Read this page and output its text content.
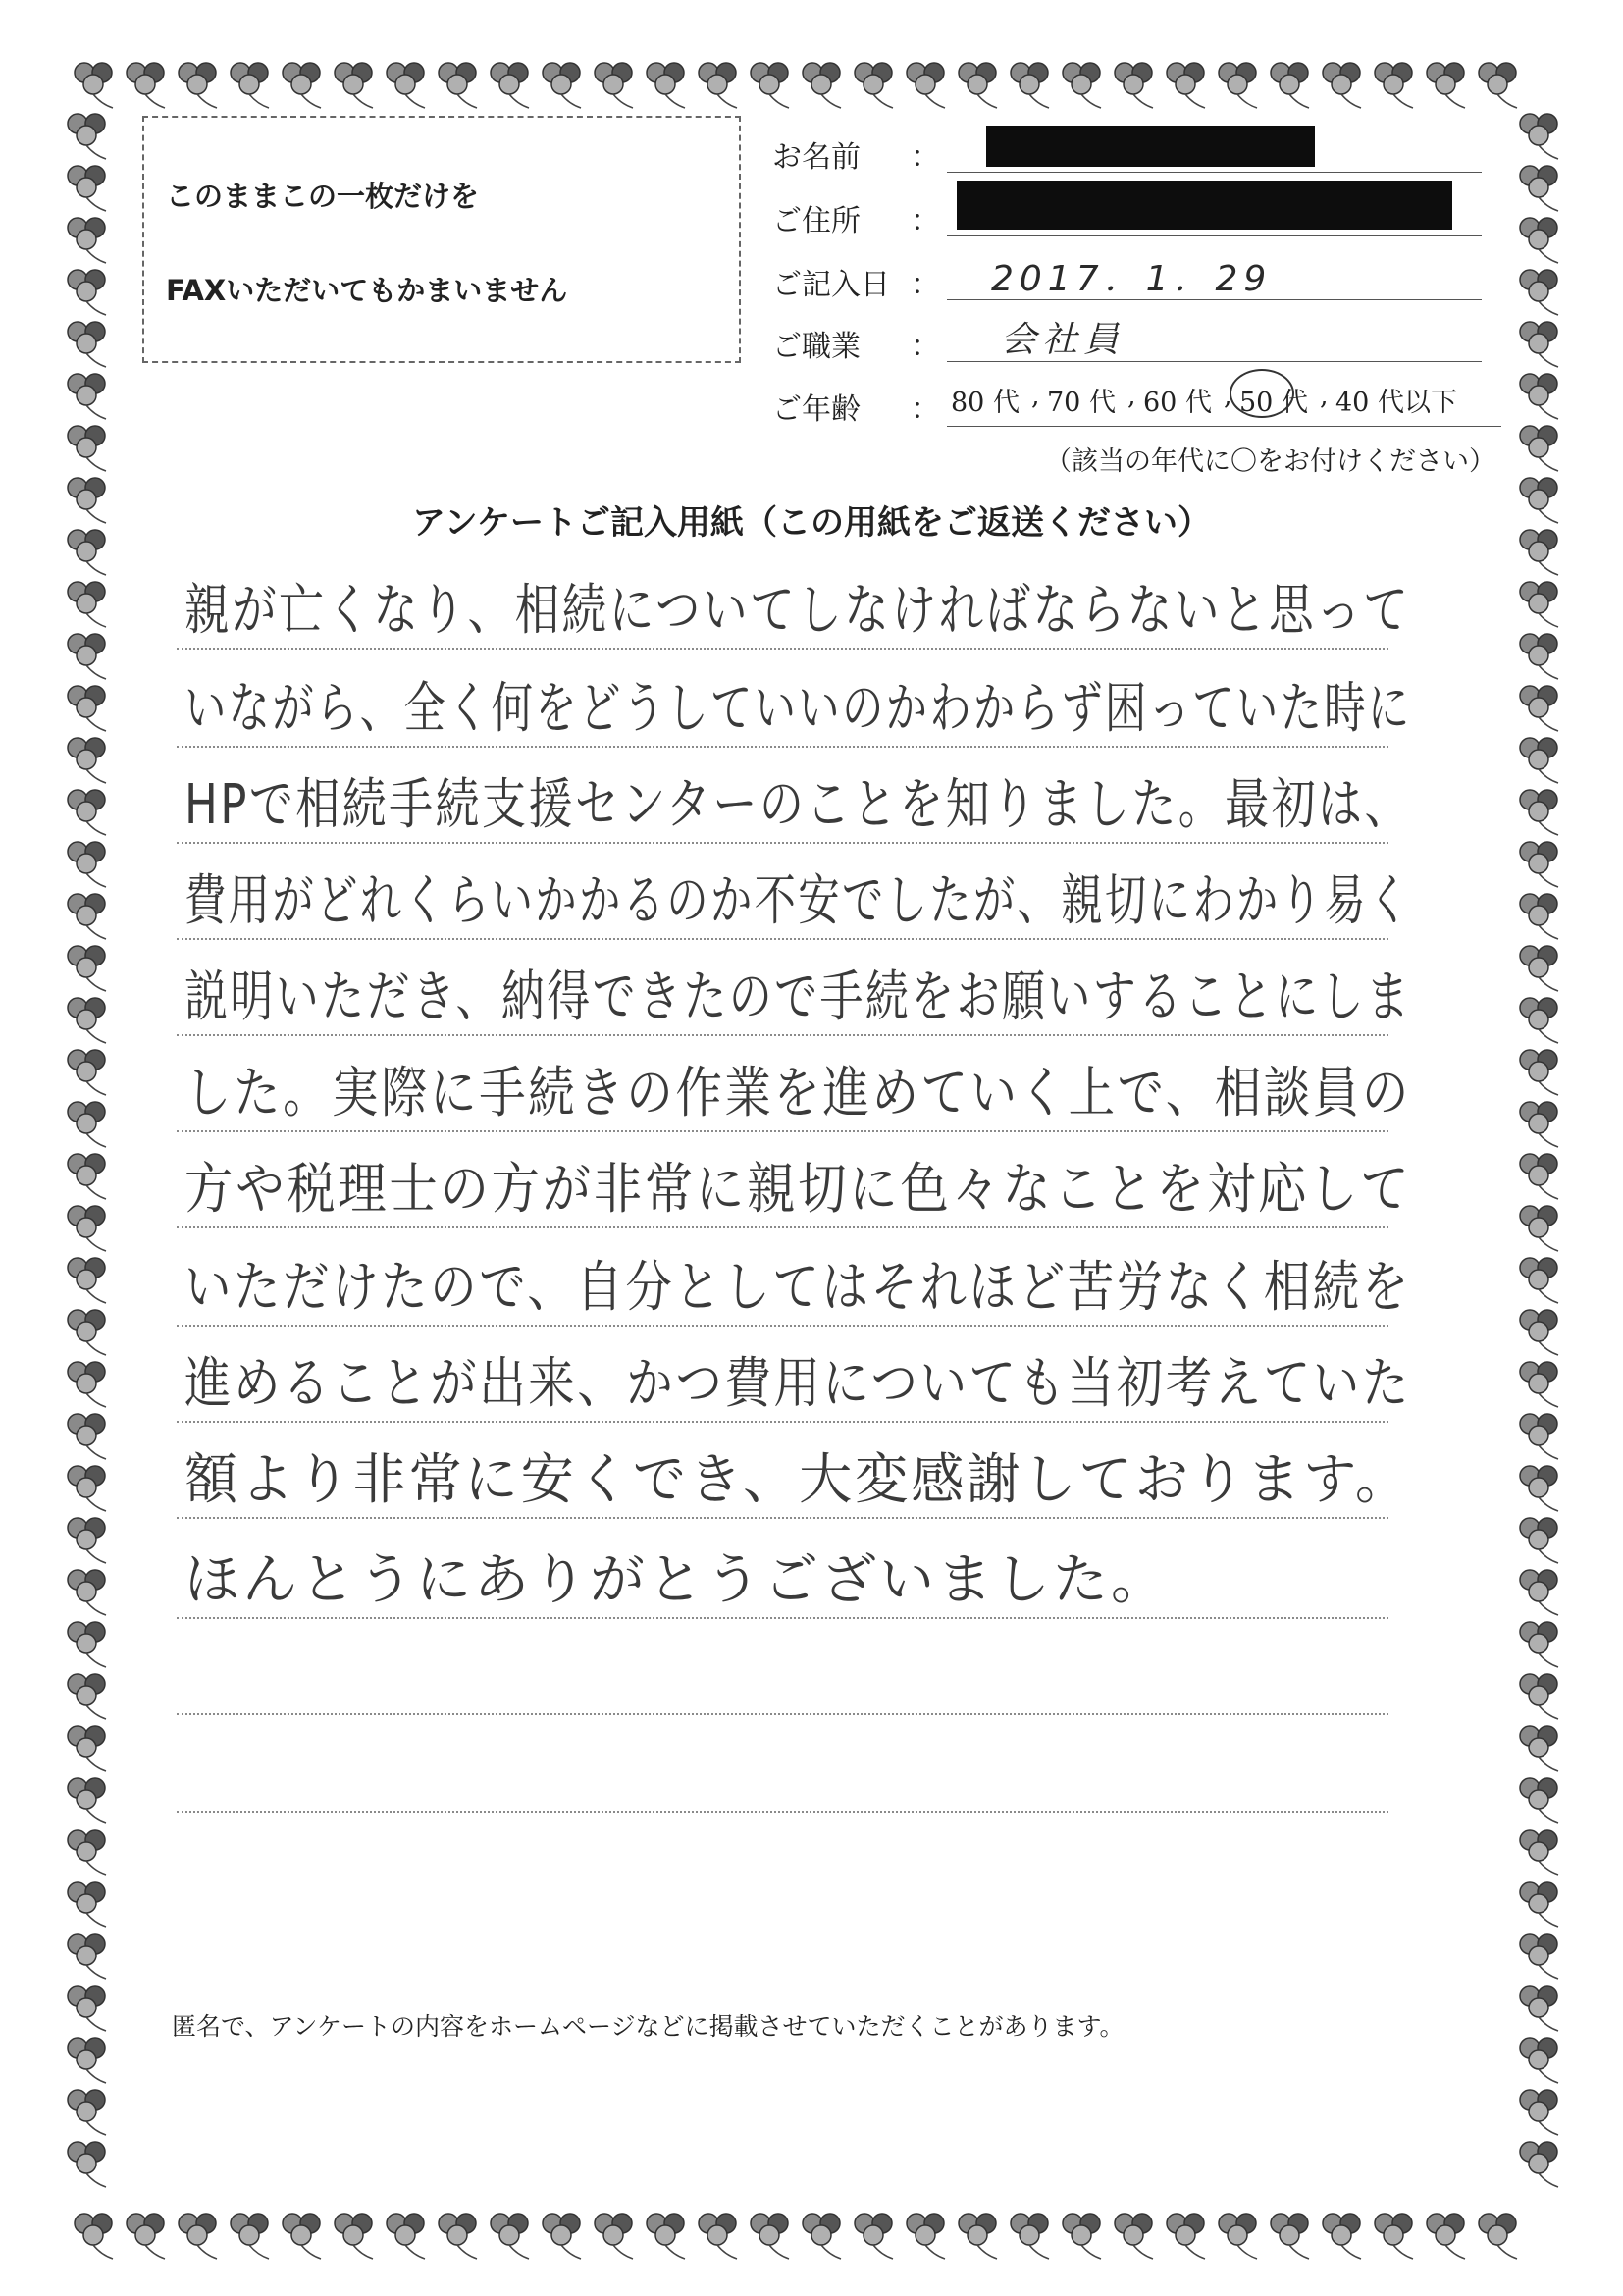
このままこの一枚だけを
FAXいただいてもかまいません
お名前 ：
ご住所 ：
ご記入日 ： 2017．1．29
ご職業 ： 会社員
ご年齢 ： 80 代 , 70 代 , 60 代 , 50 代 , 40 代以下
（該当の年代に〇をお付けください）
アンケートご記入用紙（この用紙をご返送ください）
親が亡くなり、相続についてしなければならないと思って
いながら、全く何をどうしていいのかわからず困っていた時に
HPで相続手続支援センターのことを知りました。最初は、
費用がどれくらいかかるのか不安でしたが、親切にわかり易く
説明いただき、納得できたので手続をお願いすることにしま
した。実際に手続きの作業を進めていく上で、相談員の
方や税理士の方が非常に親切に色々なことを対応して
いただけたので、自分としてはそれほど苦労なく相続を
進めることが出来、かつ費用についても当初考えていた
額より非常に安くでき、大変感謝しております。
ほんとうにありがとうございました。
匿名で、アンケートの内容をホームページなどに掲載させていただくことがあります。
